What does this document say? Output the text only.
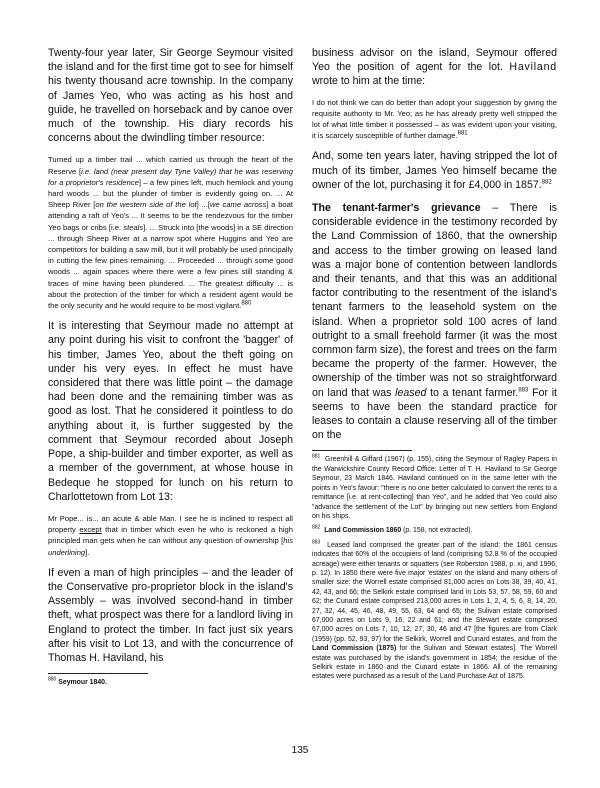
Twenty-four year later, Sir George Seymour visited the island and for the first time got to see for himself his twenty thousand acre township. In the company of James Yeo, who was acting as his host and guide, he travelled on horseback and by canoe over much of the township. His diary records his concerns about the dwindling timber resource:

Turned up a timber trail ... which carried us through the heart of the Reserve [i.e. land (near present day Tyne Valley) that he was reserving for a proprietor's residence] – a few pines left, much hemlock and young hard woods ... but the plunder of timber is evidently going on. ... At Sheep River [on the western side of the lot] ...[we came across] a boat attending a raft of Yeo's ... It seems to be the rendezvous for the timber Yeo bags or cribs [i.e. steals]. ... Struck into [the woods] in a SE direction ... through Sheep River at a narrow spot where Huggins and Yeo are competitors for building a saw mill, but it will probably be used principally in cutting the few pines remaining. ... Proceeded ... through some good woods ... again spaces where there were a few pines still standing & traces of mine having been plundered. ... The greatest difficulty ... is about the protection of the timber for which a resident agent would be the only security and he would require to be most vigilant.$^{880}$

It is interesting that Seymour made no attempt at any point during his visit to confront the 'bagger' of his timber, James Yeo, about the theft going on under his very eyes. In effect he must have considered that there was little point – the damage had been done and the remaining timber was as good as lost. That he considered it pointless to do anything about it, is further suggested by the comment that Seymour recorded about Joseph Pope, a ship-builder and timber exporter, as well as a member of the government, at whose house in Bedeque he stopped for lunch on his return to Charlottetown from Lot 13:

Mr Pope... is... an acute & able Man. I see he is inclined to respect all property except that in timber which even he who is reckoned a high principled man gets when he can without any question of ownership [his underlining].

If even a man of high principles – and the leader of the Conservative pro-proprietor block in the island's Assembly – was involved second-hand in timber theft, what prospect was there for a landlord living in England to protect the timber. In fact just six years after his visit to Lot 13, and with the concurrence of Thomas H. Haviland, his

$^{880}$ Seymour 1840.

business advisor on the island, Seymour offered Yeo the position of agent for the lot. Haviland wrote to him at the time:

I do not think we can do better than adopt your suggestion by giving the requisite authority to Mr. Yeo; as he has already pretty well stripped the lot of what little timber it possessed – as was evident upon your visiting, it is scarcely susceptible of further damage.$^{881}$

And, some ten years later, having stripped the lot of much of its timber, James Yeo himself became the owner of the lot, purchasing it for £4,000 in 1857.$^{882}$

The tenant-farmer's grievance – There is considerable evidence in the testimony recorded by the Land Commission of 1860, that the ownership and access to the timber growing on leased land was a major bone of contention between landlords and their tenants, and that this was an additional factor contributing to the resentment of the island's tenant farmers to the leasehold system on the island. When a proprietor sold 100 acres of land outright to a small freehold farmer (it was the most common farm size), the forest and trees on the farm became the property of the farmer. However, the ownership of the timber was not so straightforward on land that was leased to a tenant farmer.$^{883}$ For it seems to have been the standard practice for leases to contain a clause reserving all of the timber on the

$^{881}$ Greenhill & Giffard (1967) (p. 155), citing the Seymour of Ragley Papers in the Warwickshire County Record Office: Letter of T. H. Haviland to Sir George Seymour, 23 March 1846. Haviland continued on in the same letter with the points in Yeo's favour: "there is no one better calculated to convert the rents to a remittance [i.e. at rent-collecting] than Yeo", and he added that Yeo could also "advance the settlement of the Lot" by bringing out new settlers from England on his ships.

$^{882}$ Land Commission 1860 (p. 158, not extracted).

$^{883}$ Leased land comprised the greater part of the island: the 1861 census indicates that 60% of the occupiers of land (comprising 52.8 % of the occupied acreage) were either tenants or squatters (see Roberston 1988, p. xi, and 1996, p. 12). In 1850 there were five major 'estates' on the island and many others of smaller size: the Worrell estate comprised 81,000 acres on Lots 38, 39, 40, 41, 42, 43, and 66; the Selkirk estate comprised land in Lots 53, 57, 58, 59, 60 and 62; the Cunard estate comprised 213,000 acres in Lots 1, 2, 4, 5, 6, 8, 14, 20, 27, 32, 44, 45, 46, 48, 49, 55, 63, 64 and 65; the Sulivan estate comprised 67,000 acres on Lots 9, 16, 22 and 61; and the Stewart estate comprised 67,000 acres on Lots 7, 10, 12, 27, 30, 46 and 47 [the figures are from Clark (1959) (pp. 52, 93, 97) for the Selkirk, Worrell and Cunard estates, and from the Land Commission (1875) for the Sulivan and Stewart estates]. The Worrell estate was purchased by the island's government in 1854; the residue of the Selkirk estate in 1860 and the Cunard estate in 1866. All of the remaining estates were purchased as a result of the Land Purchase Act of 1875.

135
